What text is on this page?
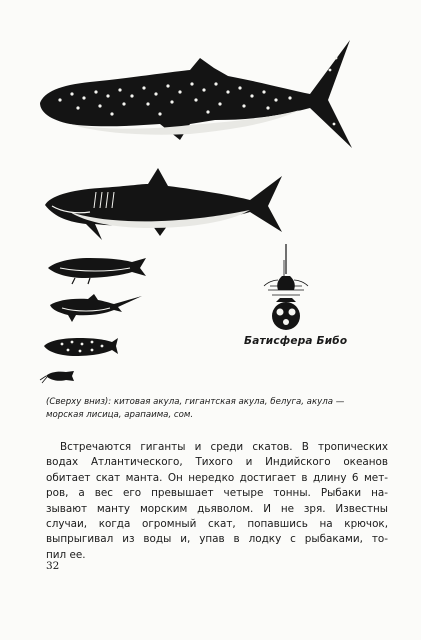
Батисфера Бибо
(Сверху вниз): китовая акула, гигантская акула, белуга, акула —
морская лисица, арапаима, сом.
Встречаются гиганты и среди скатов. В тропических
водах Атлантического, Тихого и Индийского океанов
обитает скат манта. Он нередко достигает в длину 6 мет-
ров, а вес его превышает четыре тонны. Рыбаки на-
зывают манту морским дьяволом. И не зря. Известны
случаи, когда огромный скат, попавшись на крючок,
выпрыгивал из воды и, упав в лодку с рыбаками, то-
пил ее.
32
